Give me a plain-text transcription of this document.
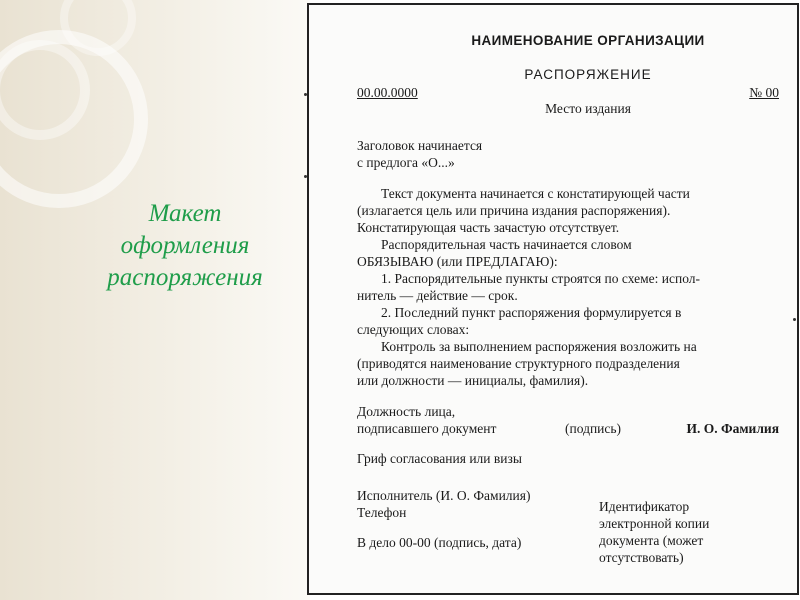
Макет
оформления
распоряжения
НАИМЕНОВАНИЕ ОРГАНИЗАЦИИ
РАСПОРЯЖЕНИЕ
00.00.0000	№ 00
Место издания
Заголовок начинается
с предлога «О...»

Текст документа начинается с констатирующей части

(излагается цель или причина издания распоряжения).

Констатирующая часть зачастую отсутствует.

Распорядительная часть начинается словом

ОБЯЗЫВАЮ (или ПРЕДЛАГАЮ):

1. Распорядительные пункты строятся по схеме: испол-

нитель — действие — срок.

2. Последний пункт распоряжения формулируется в

следующих словах:

Контроль за выполнением распоряжения возложить на

(приводятся наименование структурного подразделения

или должности — инициалы, фамилия).

Должность лица,
подписавшего документ	(подпись)	И. О. Фамилия
Гриф согласования или визы
Исполнитель (И. О. Фамилия)
Телефон	Идентификатор
электронной копии
документа (может
отсутствовать)
В дело 00-00 (подпись, дата)
